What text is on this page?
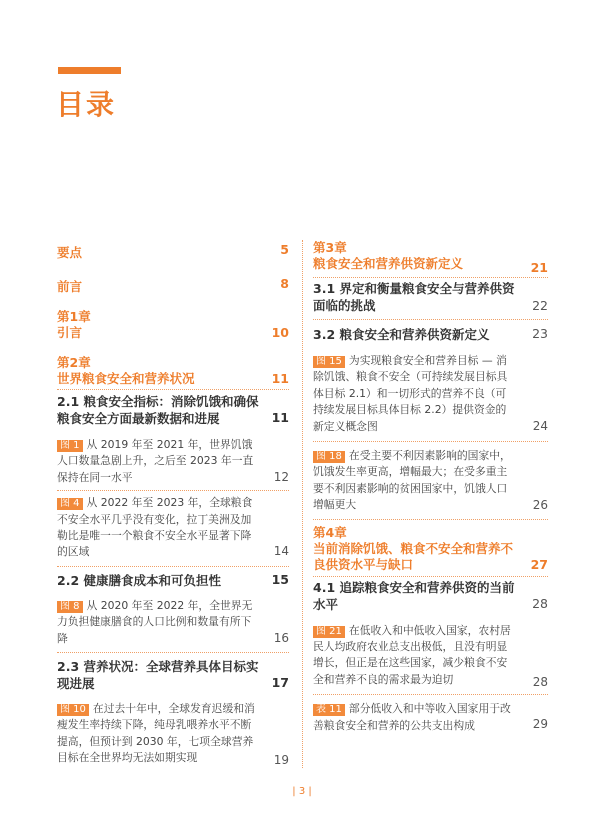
目录
要点	5
前言	8
第1章
引言	10
第2章
世界粮食安全和营养状况	11
2.1 粮食安全指标：消除饥饿和确保粮食安全方面最新数据和进展	11
图 1 从 2019 年至 2021 年，世界饥饿人口数量急剧上升，之后至 2023 年一直保持在同一水平	12
图 4 从 2022 年至 2023 年，全球粮食不安全水平几乎没有变化，拉丁美洲及加勒比是唯一一个粮食不安全水平显著下降的区域	14
2.2 健康膳食成本和可负担性	15
图 8 从 2020 年至 2022 年，全世界无力负担健康膳食的人口比例和数量有所下降	16
2.3 营养状况：全球营养具体目标实现进展	17
图 10 在过去十年中，全球发育迟缓和消瘦发生率持续下降，纯母乳喂养水平不断提高，但预计到 2030 年，七项全球营养目标在全世界均无法如期实现	19
第3章
粮食安全和营养供资新定义	21
3.1 界定和衡量粮食安全与营养供资面临的挑战	22
3.2 粮食安全和营养供资新定义	23
图 15 为实现粮食安全和营养目标 — 消除饥饿、粮食不安全（可持续发展目标具体目标 2.1）和一切形式的营养不良（可持续发展目标具体目标 2.2）提供资金的新定义概念图	24
图 18 在受主要不利因素影响的国家中，饥饿发生率更高，增幅最大；在受多重主要不利因素影响的贫困国家中，饥饿人口增幅更大	26
第4章
当前消除饥饿、粮食不安全和营养不良供资水平与缺口	27
4.1 追踪粮食安全和营养供资的当前水平	28
图 21 在低收入和中低收入国家，农村居民人均政府农业总支出极低，且没有明显增长，但正是在这些国家，减少粮食不安全和营养不良的需求最为迫切	28
表 11 部分低收入和中等收入国家用于改善粮食安全和营养的公共支出构成	29
| 3 |
